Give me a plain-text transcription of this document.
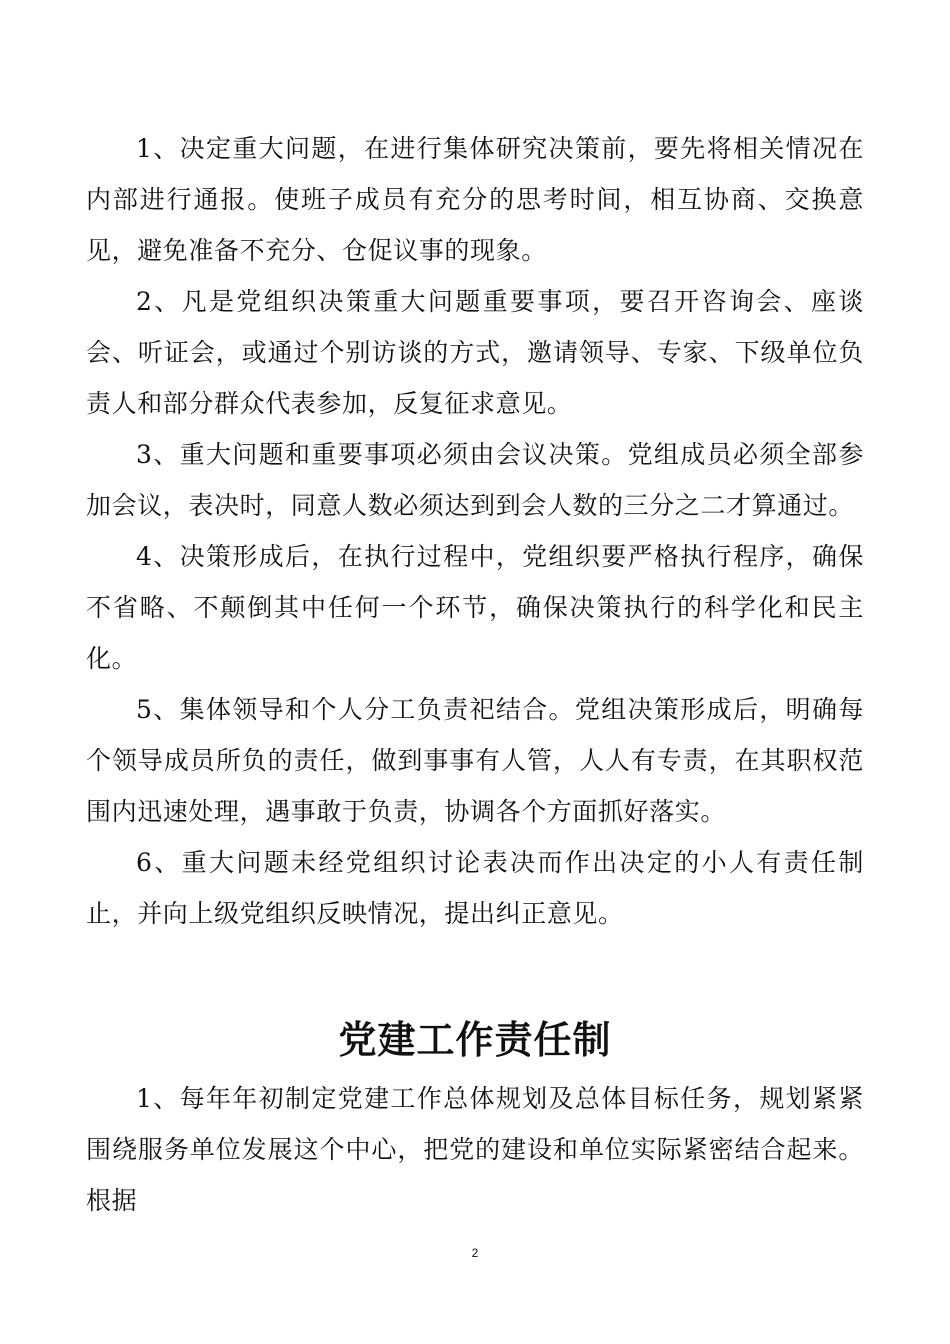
1、决定重大问题，在进行集体研究决策前，要先将相关情况在内部进行通报。使班子成员有充分的思考时间，相互协商、交换意见，避免准备不充分、仓促议事的现象。

2、凡是党组织决策重大问题重要事项，要召开咨询会、座谈会、听证会，或通过个别访谈的方式，邀请领导、专家、下级单位负责人和部分群众代表参加，反复征求意见。

3、重大问题和重要事项必须由会议决策。党组成员必须全部参加会议，表决时，同意人数必须达到到会人数的三分之二才算通过。

4、决策形成后，在执行过程中，党组织要严格执行程序，确保不省略、不颠倒其中任何一个环节，确保决策执行的科学化和民主化。

5、集体领导和个人分工负责祀结合。党组决策形成后，明确每个领导成员所负的责任，做到事事有人管，人人有专责，在其职权范围内迅速处理，遇事敢于负责，协调各个方面抓好落实。

6、重大问题未经党组织讨论表决而作出决定的小人有责任制止，并向上级党组织反映情况，提出纠正意见。

党建工作责任制

1、每年年初制定党建工作总体规划及总体目标任务，规划紧紧围绕服务单位发展这个中心，把党的建设和单位实际紧密结合起来。根据

2
